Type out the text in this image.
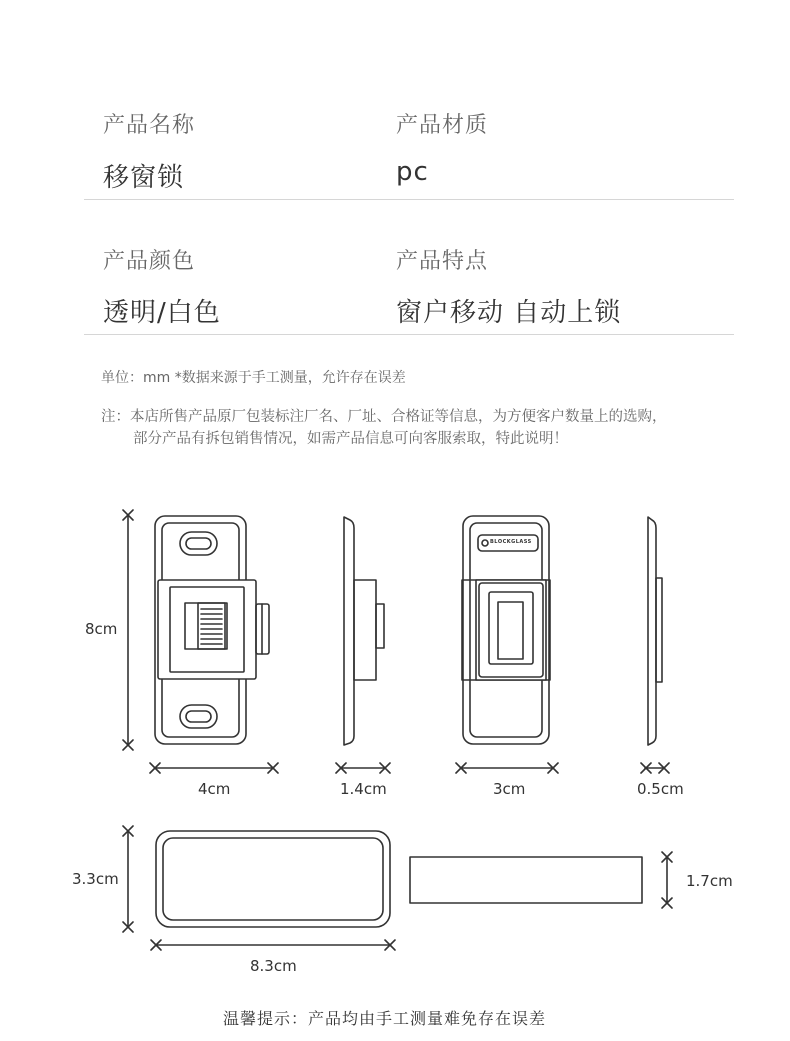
产品名称
移窗锁
产品材质
pc
产品颜色
透明/白色
产品特点
窗户移动 自动上锁
单位：mm *数据来源于手工测量，允许存在误差
注：本店所售产品原厂包装标注厂名、厂址、合格证等信息，为方便客户数量上的选购，
部分产品有拆包销售情况，如需产品信息可向客服索取，特此说明！
BLOCKGLASS
8cm
4cm	1.4cm	3cm	0.5cm
3.3cm
8.3cm
1.7cm
温馨提示：产品均由手工测量难免存在误差
